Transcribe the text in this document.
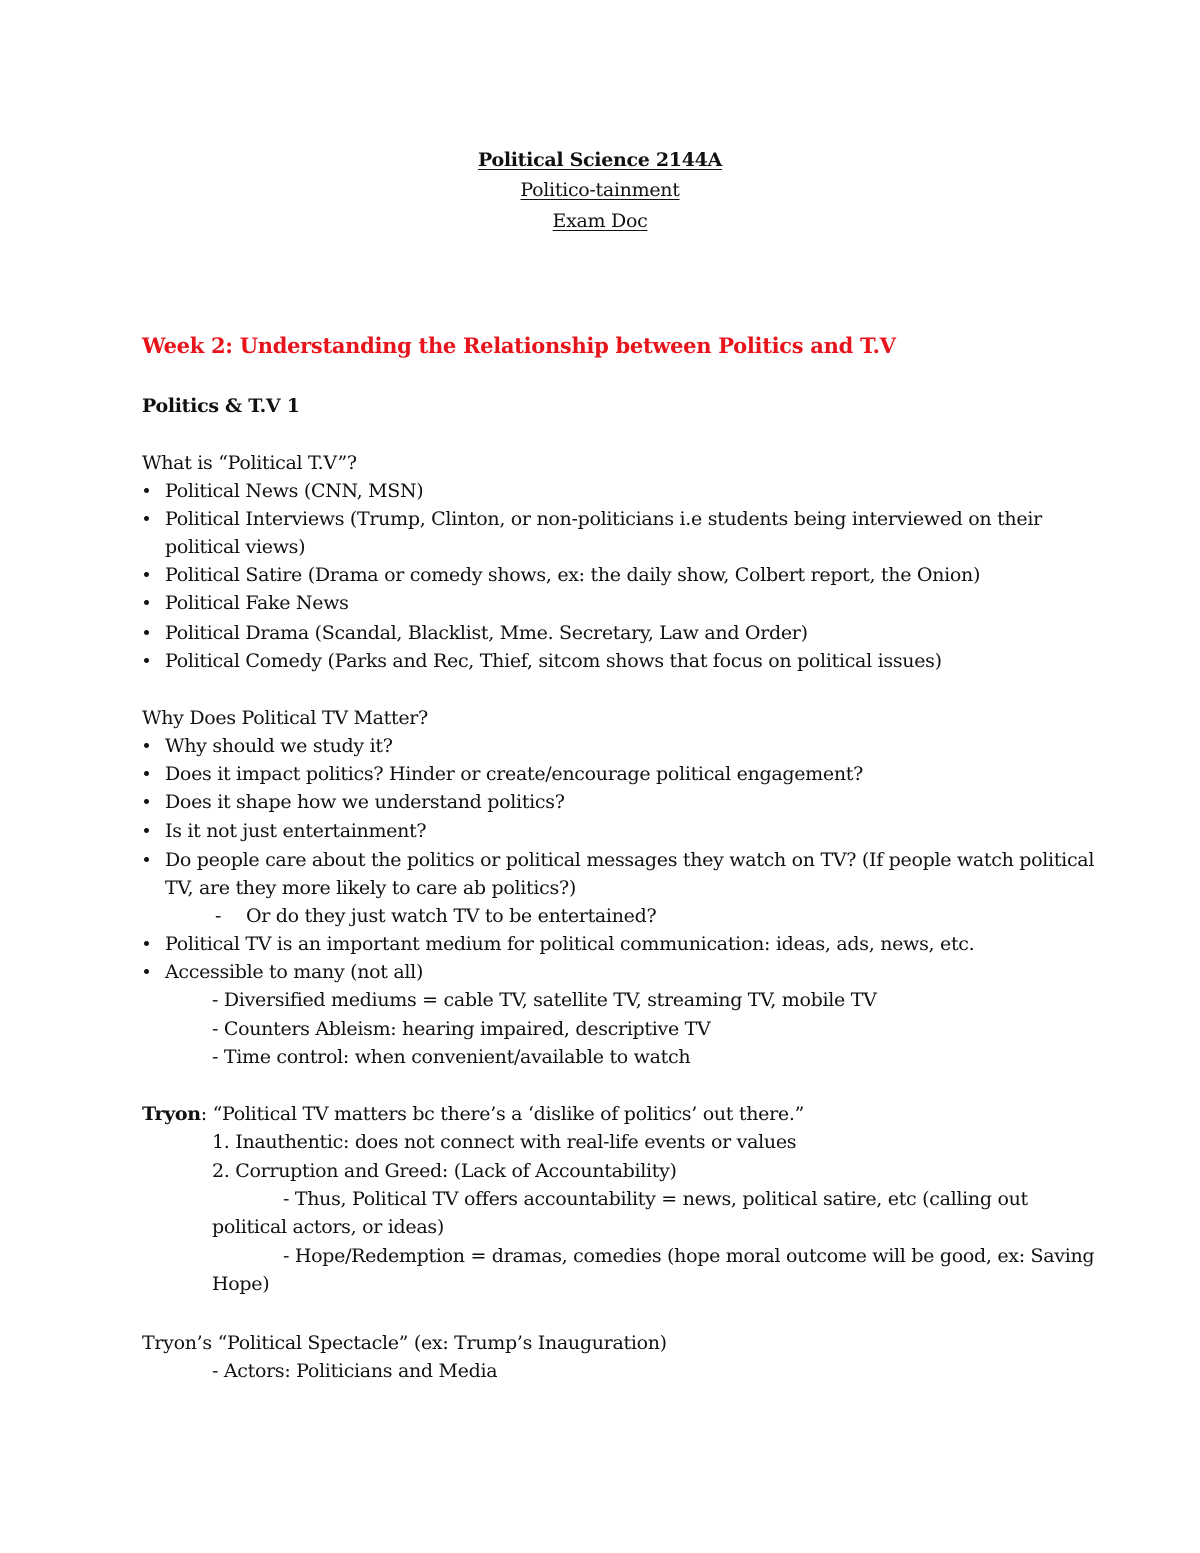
Political Science 2144A
Politico-tainment
Exam Doc
Week 2: Understanding the Relationship between Politics and T.V
Politics & T.V 1
What is “Political T.V”?
Political News (CNN, MSN)
Political Interviews (Trump, Clinton, or non-politicians i.e students being interviewed on their
political views)
Political Satire (Drama or comedy shows, ex: the daily show, Colbert report, the Onion)
Political Fake News
Political Drama (Scandal, Blacklist, Mme. Secretary, Law and Order)
Political Comedy (Parks and Rec, Thief, sitcom shows that focus on political issues)
Why Does Political TV Matter?
Why should we study it?
Does it impact politics? Hinder or create/encourage political engagement?
Does it shape how we understand politics?
Is it not just entertainment?
Do people care about the politics or political messages they watch on TV? (If people watch political
TV, are they more likely to care ab politics?)
- Or do they just watch TV to be entertained?
Political TV is an important medium for political communication: ideas, ads, news, etc.
Accessible to many (not all)
- Diversified mediums = cable TV, satellite TV, streaming TV, mobile TV
- Counters Ableism: hearing impaired, descriptive TV
- Time control: when convenient/available to watch
Tryon: “Political TV matters bc there’s a ‘dislike of politics’ out there.”
1. Inauthentic: does not connect with real-life events or values
2. Corruption and Greed: (Lack of Accountability)
- Thus, Political TV offers accountability = news, political satire, etc (calling out
political actors, or ideas)
- Hope/Redemption = dramas, comedies (hope moral outcome will be good, ex: Saving
Hope)
Tryon’s “Political Spectacle” (ex: Trump’s Inauguration)
- Actors: Politicians and Media
